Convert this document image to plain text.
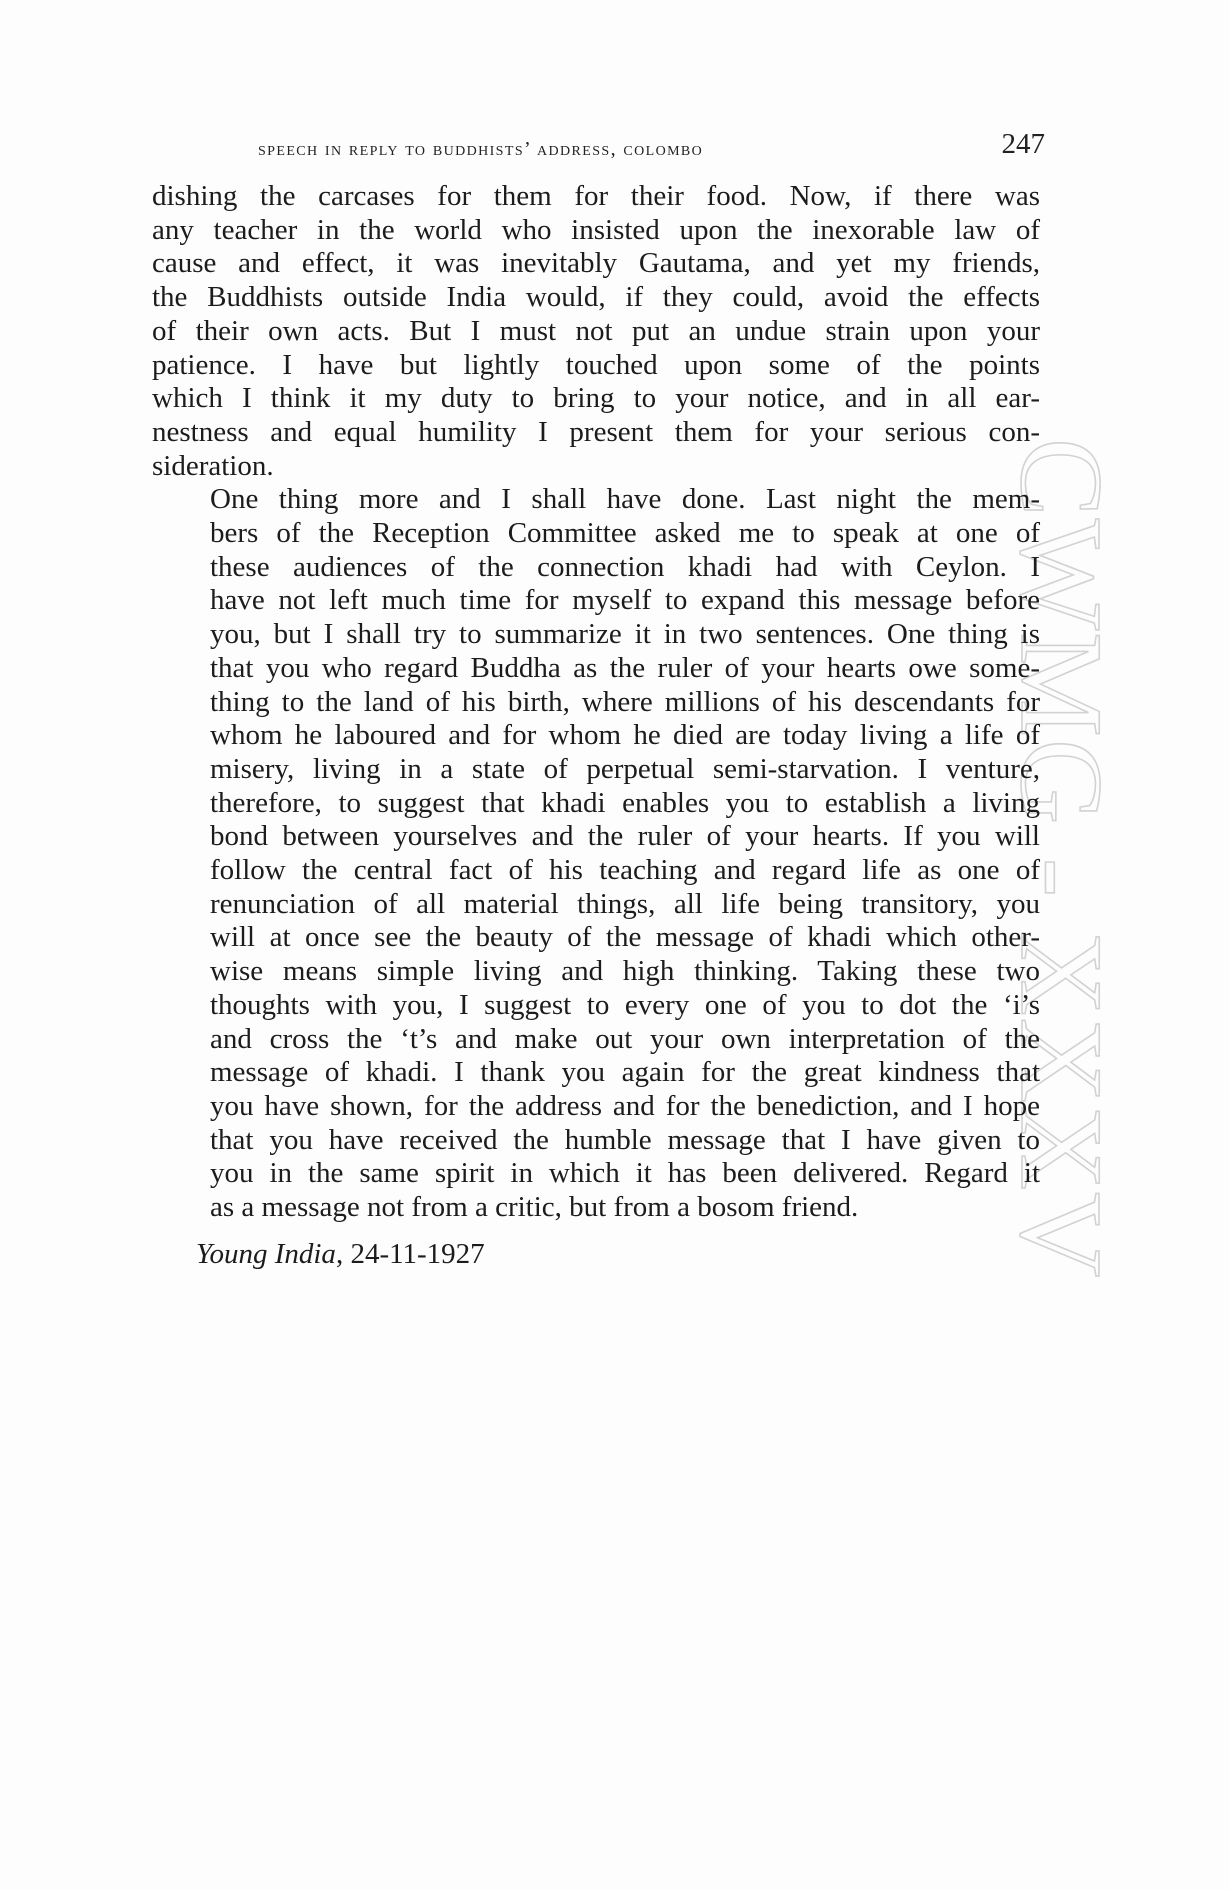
CWMG - XXXV
speech in reply to buddhists’ address, colombo	247

dishing the carcases for them for their food. Now, if there was
any teacher in the world who insisted upon the inexorable law of
cause and effect, it was inevitably Gautama, and yet my friends,
the Buddhists outside India would, if they could, avoid the effects
of their own acts. But I must not put an undue strain upon your
patience. I have but lightly touched upon some of the points
which I think it my duty to bring to your notice, and in all ear-
nestness and equal humility I present them for your serious con-
sideration.

One thing more and I shall have done. Last night the mem-
bers of the Reception Committee asked me to speak at one of
these audiences of the connection khadi had with Ceylon. I
have not left much time for myself to expand this message before
you, but I shall try to summarize it in two sentences. One thing is
that you who regard Buddha as the ruler of your hearts owe some-
thing to the land of his birth, where millions of his descendants for
whom he laboured and for whom he died are today living a life of
misery, living in a state of perpetual semi-starvation. I venture,
therefore, to suggest that khadi enables you to establish a living
bond between yourselves and the ruler of your hearts. If you will
follow the central fact of his teaching and regard life as one of
renunciation of all material things, all life being transitory, you
will at once see the beauty of the message of khadi which other-
wise means simple living and high thinking. Taking these two
thoughts with you, I suggest to every one of you to dot the ‘i’s
and cross the ‘t’s and make out your own interpretation of the
message of khadi. I thank you again for the great kindness that
you have shown, for the address and for the benediction, and I hope
that you have received the humble message that I have given to
you in the same spirit in which it has been delivered. Regard it
as a message not from a critic, but from a bosom friend.

Young India, 24-11-1927
